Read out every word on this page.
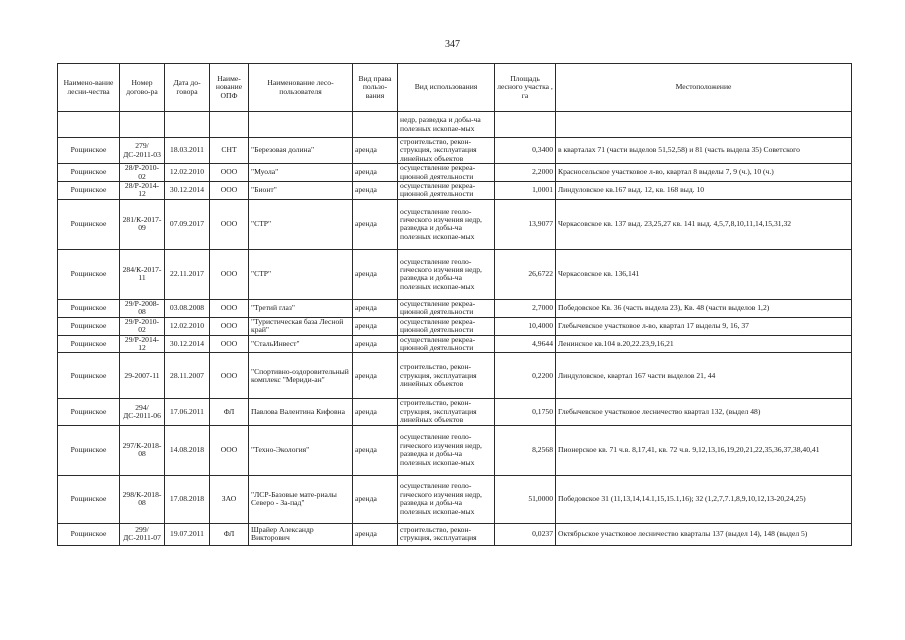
347
Наимено-вание лесни-чества	Номер догово-ра	Дата до-говора	Наиме-нование ОПФ	Наименование лесо-пользователя	Вид права пользо-вания	Вид использования	Площадь лесного участка , га	Местоположение
						недр, разведка и добы-ча полезных ископае-мых		
Рощинское	279/ДС-2011-03	18.03.2011	СНТ	"Березовая долина"	аренда	строительство, рекон-струкция, эксплуатация линейных объектов	0,3400	в кварталах 71 (части выделов 51,52,58) и 81 (часть выдела 35) Советского
Рощинское	28/Р-2010-02	12.02.2010	ООО	"Муола"	аренда	осуществление рекреа-ционной деятельности	2,2000	Красносельское участковое л-во, квартал 8 выделы 7, 9 (ч.), 10 (ч.)
Рощинское	28/Р-2014-12	30.12.2014	ООО	"Бионт"	аренда	осуществление рекреа-ционной деятельности	1,0001	Линдуловское кв.167 выд. 12, кв. 168 выд. 10
Рощинское	281/К-2017-09	07.09.2017	ООО	"СТР"	аренда	осуществление геоло-гического изучения недр, разведка и добы-ча полезных ископае-мых	13,9077	Черкасовское кв. 137 выд. 23,25,27 кв. 141 выд. 4,5,7,8,10,11,14,15,31,32
Рощинское	284/К-2017-11	22.11.2017	ООО	"СТР"	аренда	осуществление геоло-гического изучения недр, разведка и добы-ча полезных ископае-мых	26,6722	Черкасовское кв. 136,141
Рощинское	29/Р-2008-08	03.08.2008	ООО	"Третий глаз"	аренда	осуществление рекреа-ционной деятельности	2,7000	Победовское Кв. 36 (часть выдела 23), Кв. 48 (части выделов 1,2)
Рощинское	29/Р-2010-02	12.02.2010	ООО	"Туристическая база Лесной край"	аренда	осуществление рекреа-ционной деятельности	10,4000	Глебычевское участковое л-во, квартал 17 выделы 9, 16, 37
Рощинское	29/Р-2014-12	30.12.2014	ООО	"СтальИнвест"	аренда	осуществление рекреа-ционной деятельности	4,9644	Ленинское кв.104 в.20,22.23,9,16,21
Рощинское	29-2007-11	28.11.2007	ООО	"Спортивно-оздоровительный комплекс "Мериди-ан"	аренда	строительство, рекон-струкция, эксплуатация линейных объектов	0,2200	Линдуловское, квартал 167 части выделов 21, 44
Рощинское	294/ДС-2011-06	17.06.2011	ФЛ	Павлова Валентина Кифовна	аренда	строительство, рекон-струкция, эксплуатация линейных объектов	0,1750	Глебычевское участковое лесничество квартал 132, (выдел 48)
Рощинское	297/К-2018-08	14.08.2018	ООО	"Техно-Экология"	аренда	осуществление геоло-гического изучения недр, разведка и добы-ча полезных ископае-мых	8,2568	Пионерское кв. 71 ч.в. 8,17,41, кв. 72 ч.в. 9,12,13,16,19,20,21,22,35,36,37,38,40,41
Рощинское	298/К-2018-08	17.08.2018	ЗАО	"ЛСР-Базовые мате-риалы Северо - За-пад"	аренда	осуществление геоло-гического изучения недр, разведка и добы-ча полезных ископае-мых	51,0000	Победовское 31 (11,13,14,14.1,15,15.1,16); 32 (1,2,7,7.1,8,9,10,12,13-20,24,25)
Рощинское	299/ДС-2011-07	19.07.2011	ФЛ	Шрайер Александр Викторович	аренда	строительство, рекон-струкция, эксплуатация	0,0237	Октябрьское участковое лесничество кварталы 137 (выдел 14), 148 (выдел 5)
